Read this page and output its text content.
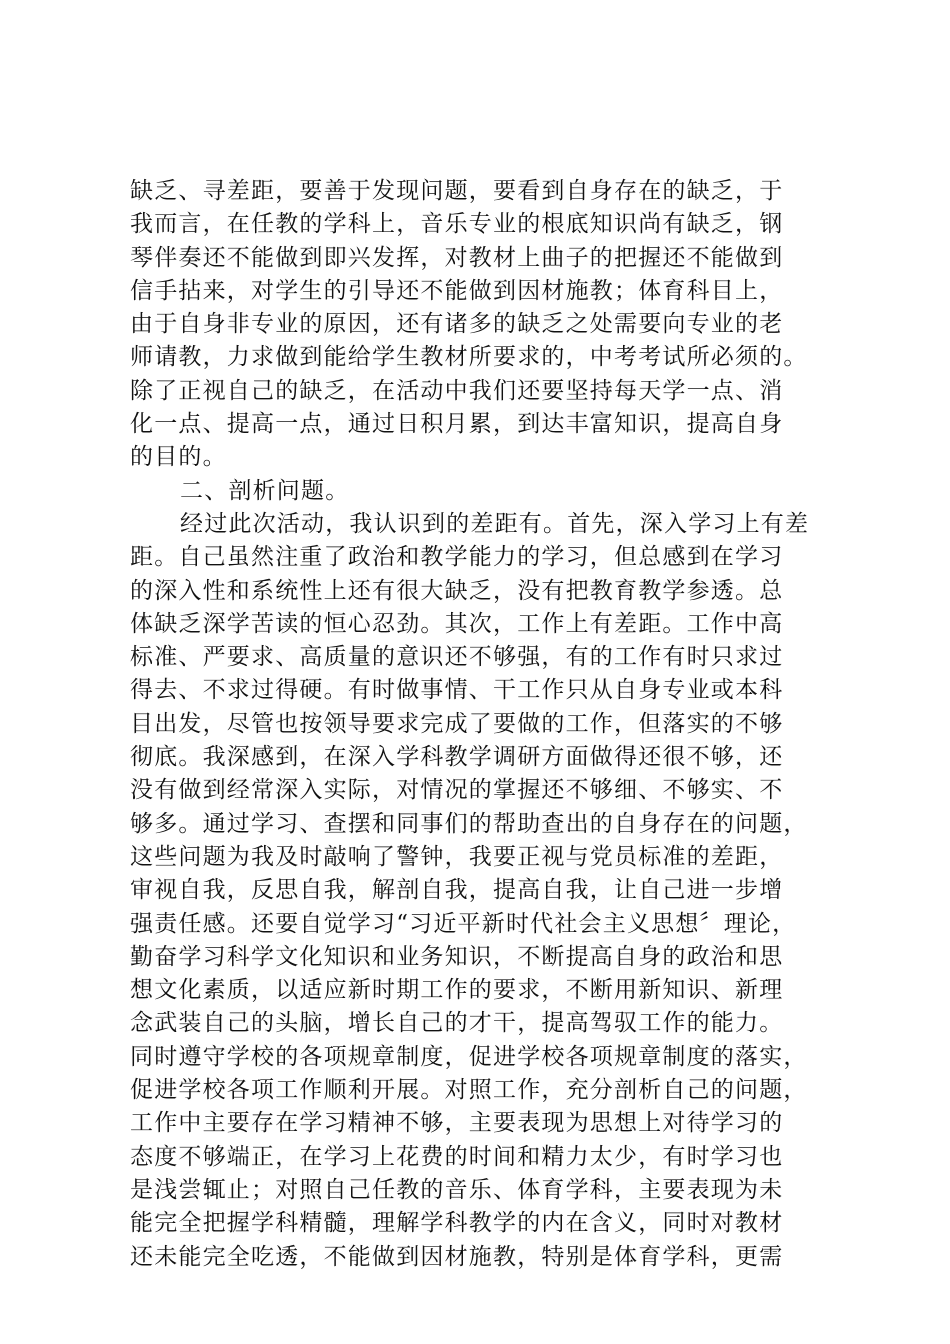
缺乏、寻差距，要善于发现问题，要看到自身存在的缺乏，于
我而言，在任教的学科上，音乐专业的根底知识尚有缺乏，钢
琴伴奏还不能做到即兴发挥，对教材上曲子的把握还不能做到
信手拈来，对学生的引导还不能做到因材施教；体育科目上，
由于自身非专业的原因，还有诸多的缺乏之处需要向专业的老
师请教，力求做到能给学生教材所要求的，中考考试所必须的。
除了正视自己的缺乏，在活动中我们还要坚持每天学一点、消
化一点、提高一点，通过日积月累，到达丰富知识，提高自身
的目的。
二、剖析问题。
经过此次活动，我认识到的差距有。首先，深入学习上有差
距。自己虽然注重了政治和教学能力的学习，但总感到在学习
的深入性和系统性上还有很大缺乏，没有把教育教学参透。总
体缺乏深学苦读的恒心忍劲。其次，工作上有差距。工作中高
标准、严要求、高质量的意识还不够强，有的工作有时只求过
得去、不求过得硬。有时做事情、干工作只从自身专业或本科
目出发，尽管也按领导要求完成了要做的工作，但落实的不够
彻底。我深感到，在深入学科教学调研方面做得还很不够，还
没有做到经常深入实际，对情况的掌握还不够细、不够实、不
够多。通过学习、查摆和同事们的帮助查出的自身存在的问题，
这些问题为我及时敲响了警钟，我要正视与党员标准的差距，
审视自我，反思自我，解剖自我，提高自我，让自己进一步增
强责任感。还要自觉学习“习近平新时代社会主义思想〞理论，
勤奋学习科学文化知识和业务知识，不断提高自身的政治和思
想文化素质，以适应新时期工作的要求，不断用新知识、新理
念武装自己的头脑，增长自己的才干，提高驾驭工作的能力。
同时遵守学校的各项规章制度，促进学校各项规章制度的落实，
促进学校各项工作顺利开展。对照工作，充分剖析自己的问题，
工作中主要存在学习精神不够，主要表现为思想上对待学习的
态度不够端正，在学习上花费的时间和精力太少，有时学习也
是浅尝辄止；对照自己任教的音乐、体育学科，主要表现为未
能完全把握学科精髓，理解学科教学的内在含义，同时对教材
还未能完全吃透，不能做到因材施教，特别是体育学科，更需
